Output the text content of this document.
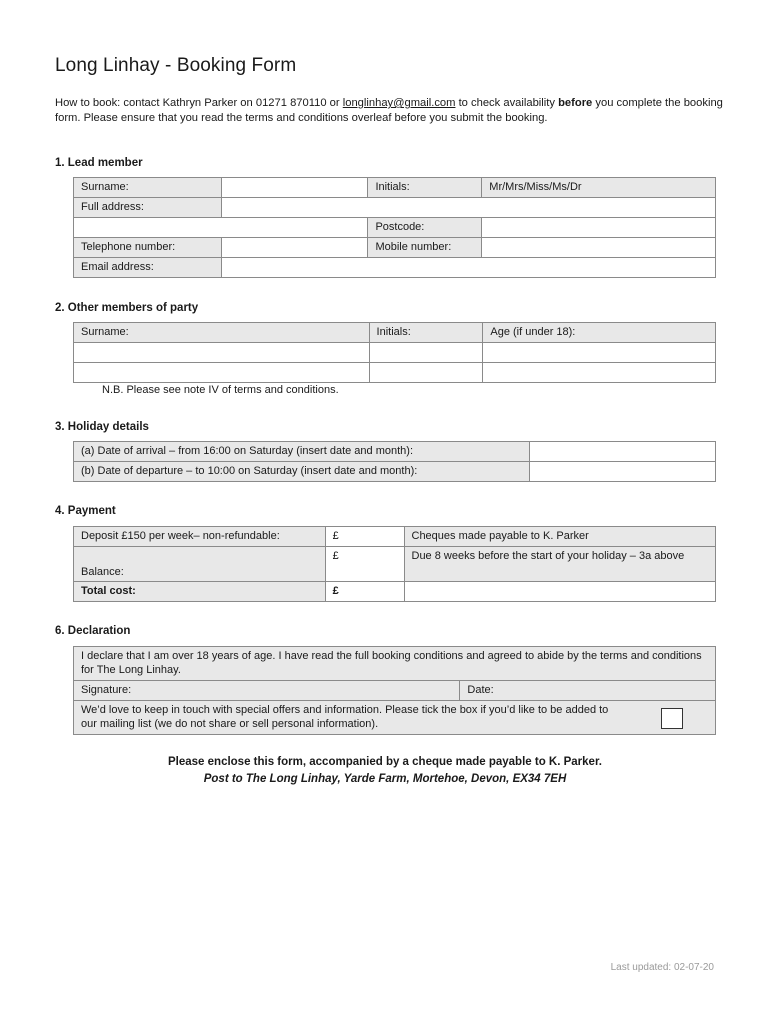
Long Linhay - Booking Form

How to book: contact Kathryn Parker on 01271 870110 or longlinhay@gmail.com to check availability before you complete the booking form. Please ensure that you read the terms and conditions overleaf before you submit the booking.

1. Lead member

Surname:		Initials:	Mr/Mrs/Miss/Ms/Dr
Full address:			
		Postcode:	
Telephone number:		Mobile number:	
Email address:			

2. Other members of party

Surname:	Initials:	Age (if under 18):

N.B. Please see note IV of terms and conditions.

3. Holiday details

(a) Date of arrival – from 16:00 on Saturday (insert date and month):	
(b) Date of departure – to 10:00 on Saturday (insert date and month):	

4. Payment

Deposit £150 per week– non-refundable:	£	Cheques made payable to K. Parker
Balance:	£	Due 8 weeks before the start of your holiday – 3a above
Total cost:	£	

6. Declaration

I declare that I am over 18 years of age. I have read the full booking conditions and agreed to abide by the terms and conditions for The Long Linhay.
Signature:	Date:

We’d love to keep in touch with special offers and information. Please tick the box if you’d like to be added to our mailing list (we do not share or sell personal information).

Please enclose this form, accompanied by a cheque made payable to K. Parker.

Post to The Long Linhay, Yarde Farm, Mortehoe, Devon, EX34 7EH

Last updated: 02-07-20
